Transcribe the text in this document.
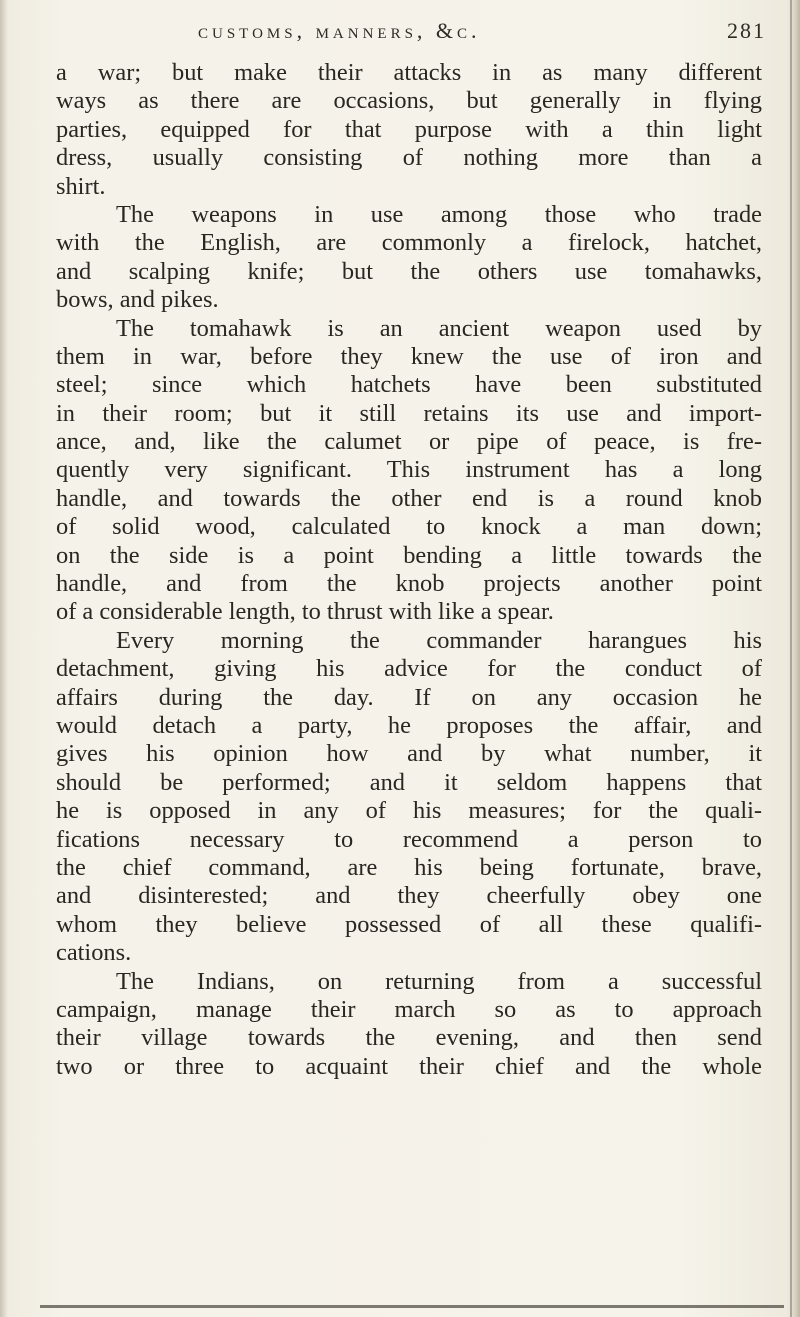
customs, manners, &c.	281
a war; but make their attacks in as many different
ways as there are occasions, but generally in flying
parties, equipped for that purpose with a thin light
dress, usually consisting of nothing more than a
shirt.
The weapons in use among those who trade
with the English, are commonly a firelock, hatchet,
and scalping knife; but the others use tomahawks,
bows, and pikes.
The tomahawk is an ancient weapon used by
them in war, before they knew the use of iron and
steel; since which hatchets have been substituted
in their room; but it still retains its use and import-
ance, and, like the calumet or pipe of peace, is fre-
quently very significant. This instrument has a long
handle, and towards the other end is a round knob
of solid wood, calculated to knock a man down;
on the side is a point bending a little towards the
handle, and from the knob projects another point
of a considerable length, to thrust with like a spear.
Every morning the commander harangues his
detachment, giving his advice for the conduct of
affairs during the day. If on any occasion he
would detach a party, he proposes the affair, and
gives his opinion how and by what number, it
should be performed; and it seldom happens that
he is opposed in any of his measures; for the quali-
fications necessary to recommend a person to
the chief command, are his being fortunate, brave,
and disinterested; and they cheerfully obey one
whom they believe possessed of all these qualifi-
cations.
The Indians, on returning from a successful
campaign, manage their march so as to approach
their village towards the evening, and then send
two or three to acquaint their chief and the whole
